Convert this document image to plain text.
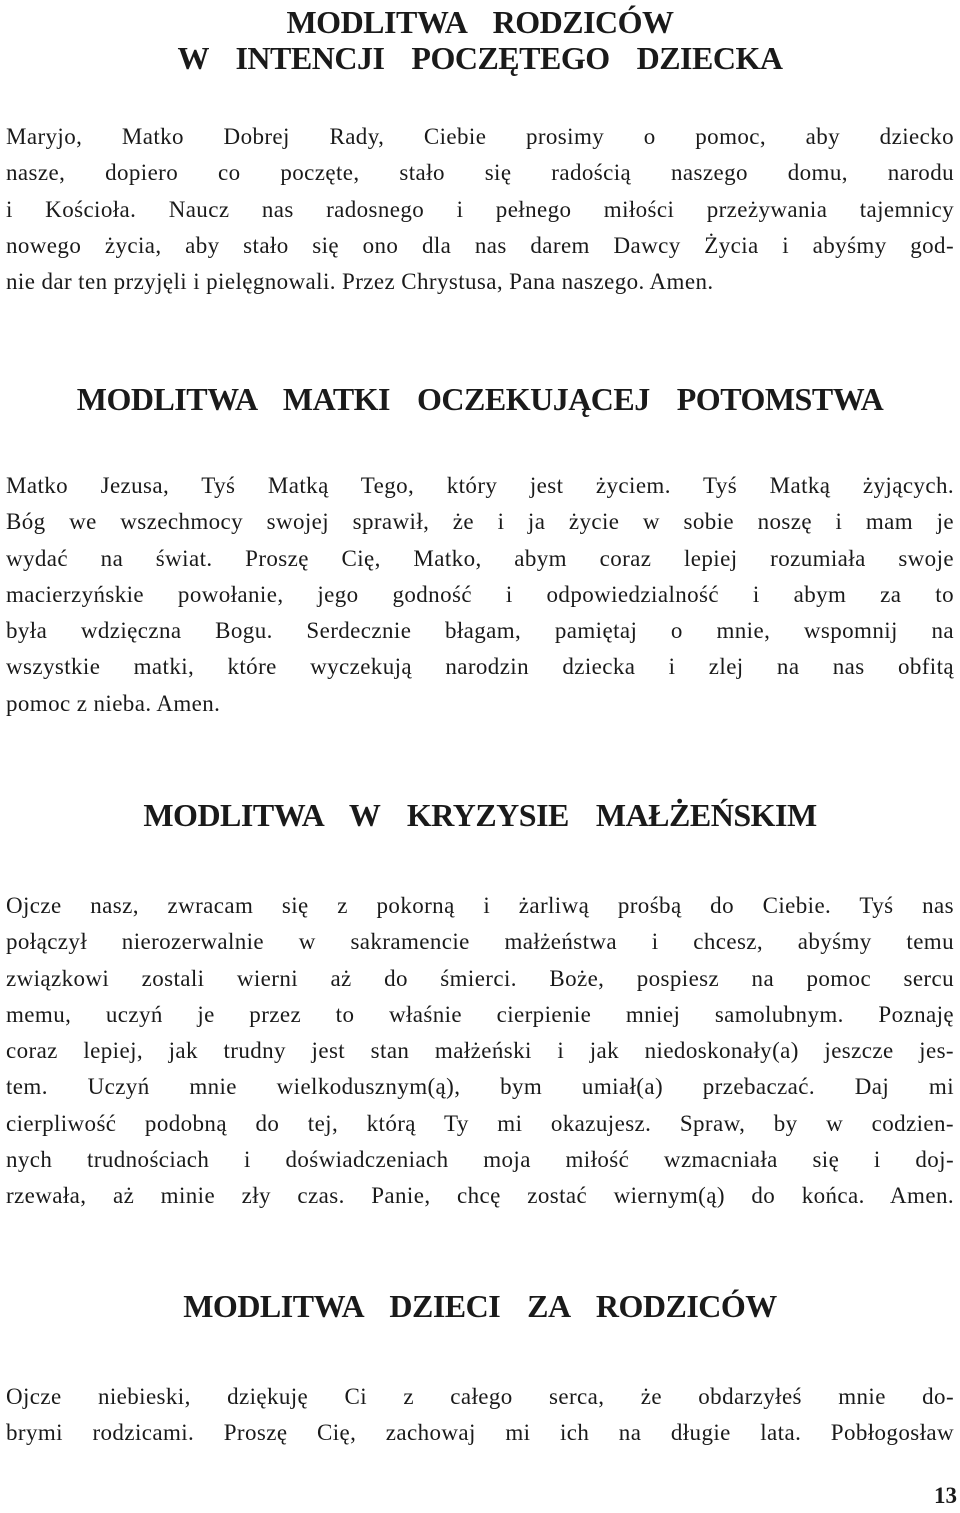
MODLITWA  RODZICÓW
W  INTENCJI  POCZĘTEGO  DZIECKA

Maryjo, Matko Dobrej Rady, Ciebie prosimy o pomoc, aby dziecko
nasze, dopiero co poczęte, stało się radością naszego domu, narodu
i Kościoła. Naucz nas radosnego i pełnego miłości przeżywania tajemnicy
nowego życia, aby stało się ono dla nas darem Dawcy Życia i abyśmy god-
nie dar ten przyjęli i pielęgnowali. Przez Chrystusa, Pana naszego. Amen.

MODLITWA  MATKI  OCZEKUJĄCEJ  POTOMSTWA

Matko Jezusa, Tyś Matką Tego, który jest życiem. Tyś Matką żyjących.
Bóg we wszechmocy swojej sprawił, że i ja życie w sobie noszę i mam je
wydać na świat. Proszę Cię, Matko, abym coraz lepiej rozumiała swoje
macierzyńskie powołanie, jego godność i odpowiedzialność i abym za to
była wdzięczna Bogu. Serdecznie błagam, pamiętaj o mnie, wspomnij na
wszystkie matki, które wyczekują narodzin dziecka i zlej na nas obfitą
pomoc z nieba. Amen.

MODLITWA  W  KRYZYSIE  MAŁŻEŃSKIM

Ojcze nasz, zwracam się z pokorną i żarliwą prośbą do Ciebie. Tyś nas
połączył nierozerwalnie w sakramencie małżeństwa i chcesz, abyśmy temu
związkowi zostali wierni aż do śmierci. Boże, pospiesz na pomoc sercu
memu, uczyń je przez to właśnie cierpienie mniej samolubnym. Poznaję
coraz lepiej, jak trudny jest stan małżeński i jak niedoskonały(a) jeszcze jes-
tem. Uczyń mnie wielkodusznym(ą), bym umiał(a) przebaczać. Daj mi
cierpliwość podobną do tej, którą Ty mi okazujesz. Spraw, by w codzien-
nych trudnościach i doświadczeniach moja miłość wzmacniała się i doj-
rzewała, aż minie zły czas. Panie, chcę zostać wiernym(ą) do końca. Amen.

MODLITWA  DZIECI  ZA  RODZICÓW

Ojcze niebieski, dziękuję Ci z całego serca, że obdarzyłeś mnie do-
brymi rodzicami. Proszę Cię, zachowaj mi ich na długie lata. Pobłogosław

13
